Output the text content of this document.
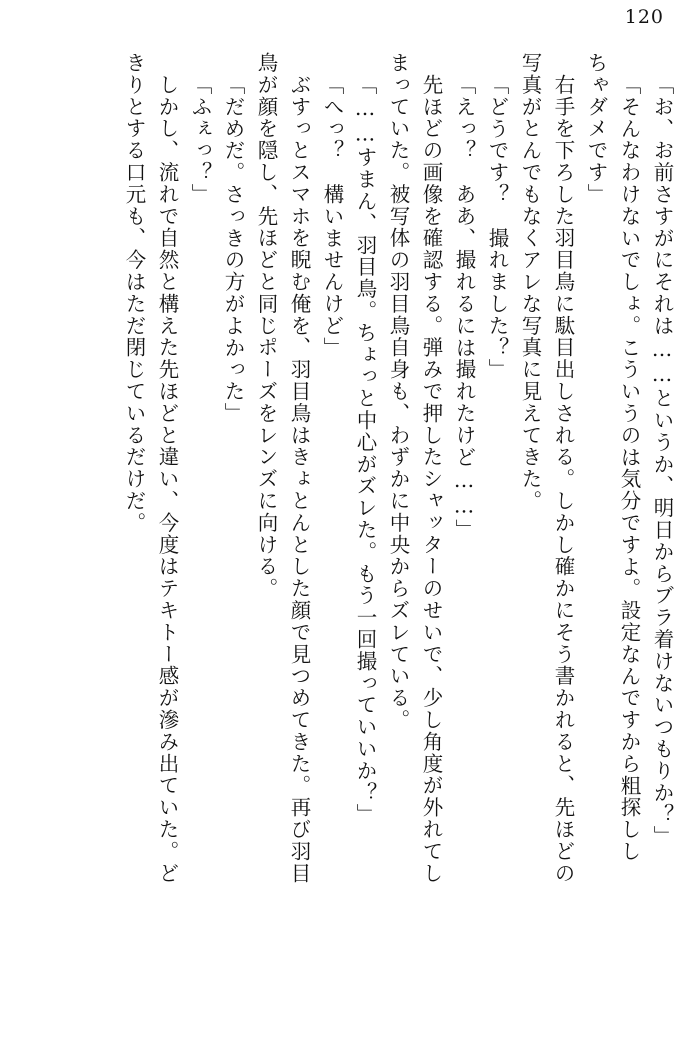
120
「お、お前さすがにそれは……というか、明日からブラ着けないつもりか？」
「そんなわけないでしょ。こういうのは気分ですよ。設定なんですから粗探しし
ちゃダメです」
　右手を下ろした羽目鳥に駄目出しされる。しかし確かにそう書かれると、先ほどの
写真がとんでもなくアレな写真に見えてきた。
「どうです？　撮れました？」
「えっ？　ああ、撮れるには撮れたけど……」
　先ほどの画像を確認する。弾みで押したシャッターのせいで、少し角度が外れてし
まっていた。被写体の羽目鳥自身も、わずかに中央からズレている。
「……すまん、羽目鳥。ちょっと中心がズレた。もう一回撮っていいか？」
「へっ？　構いませんけど」
　ぶすっとスマホを睨む俺を、羽目鳥はきょとんとした顔で見つめてきた。再び羽目
鳥が顔を隠し、先ほどと同じポーズをレンズに向ける。
「だめだ。さっきの方がよかった」
「ふぇっ？」
　しかし、流れで自然と構えた先ほどと違い、今度はテキトー感が滲み出ていた。ど
きりとする口元も、今はただ閉じているだけだ。
